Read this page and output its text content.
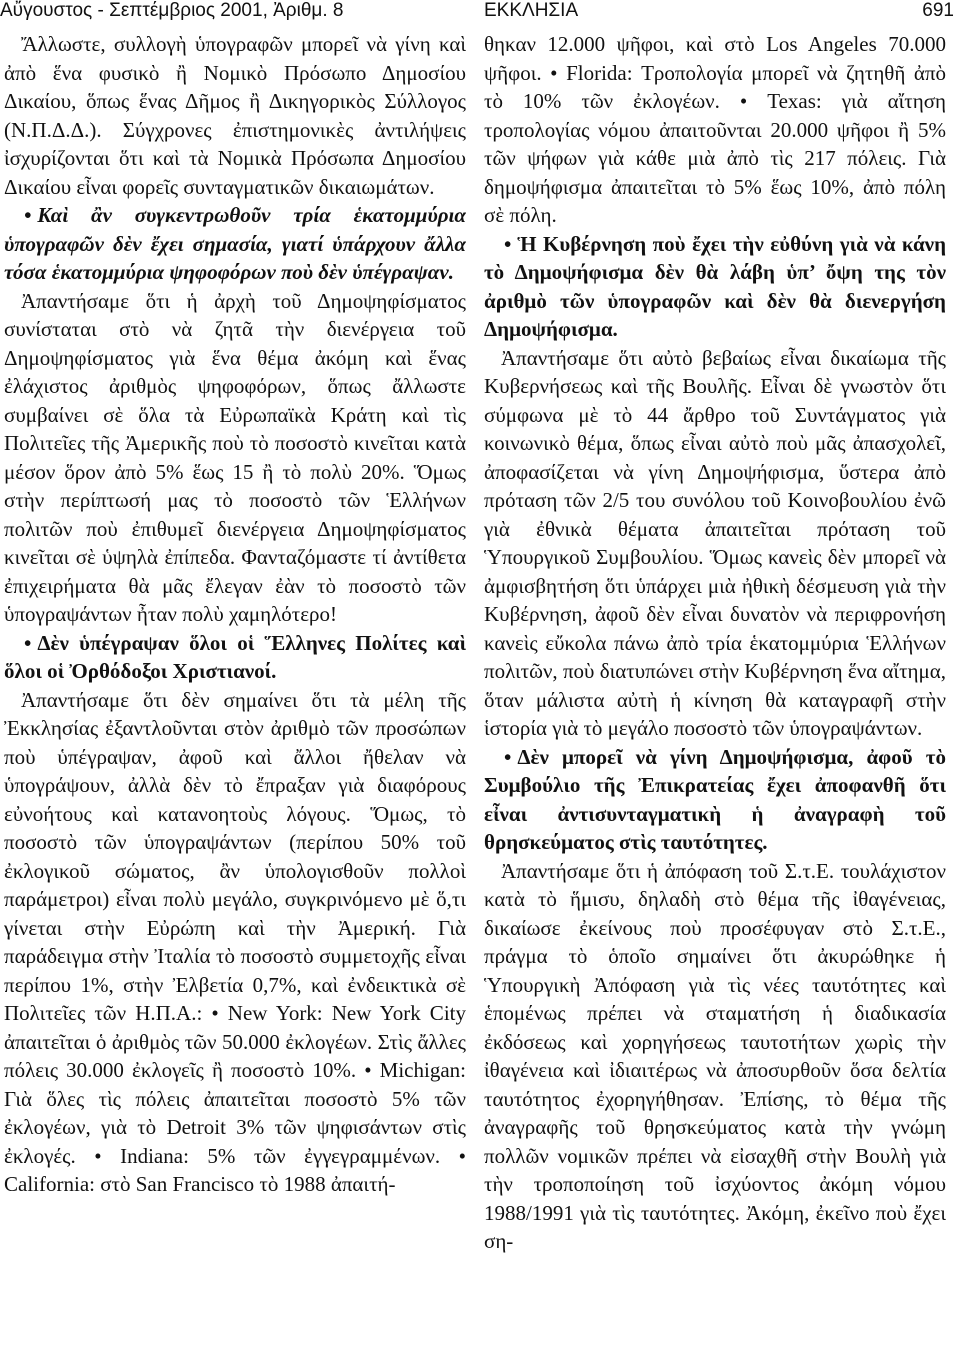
Αὔγουστος - Σεπτέμβριος 2001, Ἀριθμ. 8	ΕΚΚΛΗΣΙΑ	691

Ἄλλωστε, συλλογὴ ὑπογραφῶν μπορεῖ νὰ γίνη καὶ ἀπὸ ἕνα φυσικὸ ἢ Νομικὸ Πρόσωπο Δημοσίου Δικαίου, ὅπως ἕνας Δῆμος ἢ Δικηγορικὸς Σύλλογος (Ν.Π.Δ.Δ.). Σύγχρονες ἐπιστημονικὲς ἀντιλήψεις ἰσχυρίζονται ὅτι καὶ τὰ Νομικὰ Πρόσωπα Δημοσίου Δικαίου εἶναι φορεῖς συνταγματικῶν δικαιωμάτων.

• Καὶ ἂν συγκεντρωθοῦν τρία ἑκατομμύρια ὑπογραφῶν δὲν ἔχει σημασία, γιατί ὑπάρχουν ἄλλα τόσα ἑκατομμύρια ψηφοφόρων ποὺ δὲν ὑπέγραψαν.

Ἀπαντήσαμε ὅτι ἡ ἀρχὴ τοῦ Δημοψηφίσματος συνίσταται στὸ νὰ ζητᾶ τὴν διενέργεια τοῦ Δημοψηφίσματος γιὰ ἕνα θέμα ἀκόμη καὶ ἕνας ἐλάχιστος ἀριθμὸς ψηφοφόρων, ὅπως ἄλλωστε συμβαίνει σὲ ὅλα τὰ Εὐρωπαϊκὰ Κράτη καὶ τὶς Πολιτεῖες τῆς Ἀμερικῆς ποὺ τὸ ποσοστὸ κινεῖται κατὰ μέσον ὅρον ἀπὸ 5% ἕως 15 ἢ τὸ πολὺ 20%. Ὅμως στὴν περίπτωσή μας τὸ ποσοστὸ τῶν Ἑλλήνων πολιτῶν ποὺ ἐπιθυμεῖ διενέργεια Δημοψηφίσματος κινεῖται σὲ ὑψηλὰ ἐπίπεδα. Φανταζόμαστε τί ἀντίθετα ἐπιχειρήματα θὰ μᾶς ἔλεγαν ἐὰν τὸ ποσοστὸ τῶν ὑπογραψάντων ἦταν πολὺ χαμηλότερο!

• Δὲν ὑπέγραψαν ὅλοι οἱ Ἕλληνες Πολίτες καὶ ὅλοι οἱ Ὀρθόδοξοι Χριστιανοί.

Ἀπαντήσαμε ὅτι δὲν σημαίνει ὅτι τὰ μέλη τῆς Ἐκκλησίας ἐξαντλοῦνται στὸν ἀριθμὸ τῶν προσώπων ποὺ ὑπέγραψαν, ἀφοῦ καὶ ἄλλοι ἤθελαν νὰ ὑπογράψουν, ἀλλὰ δὲν τὸ ἔπραξαν γιὰ διαφόρους εὐνοήτους καὶ κατανοητοὺς λόγους. Ὅμως, τὸ ποσοστὸ τῶν ὑπογραψάντων (περίπου 50% τοῦ ἐκλογικοῦ σώματος, ἂν ὑπολογισθοῦν πολλοὶ παράμετροι) εἶναι πολὺ μεγάλο, συγκρινόμενο μὲ ὅ,τι γίνεται στὴν Εὐρώπη καὶ τὴν Ἀμερική. Γιὰ παράδειγμα στὴν Ἰταλία τὸ ποσοστὸ συμμετοχῆς εἶναι περίπου 1%, στὴν Ἐλβετία 0,7%, καὶ ἐνδεικτικὰ σὲ Πολιτεῖες τῶν Η.Π.Α.: • New York: New York City ἀπαιτεῖται ὁ ἀριθμὸς τῶν 50.000 ἐκλογέων. Στὶς ἄλλες πόλεις 30.000 ἐκλογεῖς ἢ ποσοστὸ 10%. • Michigan: Γιὰ ὅλες τὶς πόλεις ἀπαιτεῖται ποσοστὸ 5% τῶν ἐκλογέων, γιὰ τὸ Detroit 3% τῶν ψηφισάντων στὶς ἐκλογές. • Indiana: 5% τῶν ἐγγεγραμμένων. • California: στὸ San Francisco τὸ 1988 ἀπαιτή-

θηκαν 12.000 ψῆφοι, καὶ στὸ Los Angeles 70.000 ψῆφοι. • Florida: Τροπολογία μπορεῖ νὰ ζητηθῆ ἀπὸ τὸ 10% τῶν ἐκλογέων. • Texas: γιὰ αἴτηση τροπολογίας νόμου ἀπαιτοῦνται 20.000 ψῆφοι ἢ 5% τῶν ψήφων γιὰ κάθε μιὰ ἀπὸ τὶς 217 πόλεις. Γιὰ δημοψήφισμα ἀπαιτεῖται τὸ 5% ἕως 10%, ἀπὸ πόλη σὲ πόλη.

• Ἡ Κυβέρνηση ποὺ ἔχει τὴν εὐθύνη γιὰ νὰ κάνη τὸ Δημοψήφισμα δὲν θὰ λάβη ὑπ’ ὄψη της τὸν ἀριθμὸ τῶν ὑπογραφῶν καὶ δὲν θὰ διενεργήση Δημοψήφισμα.

Ἀπαντήσαμε ὅτι αὐτὸ βεβαίως εἶναι δικαίωμα τῆς Κυβερνήσεως καὶ τῆς Βουλῆς. Εἶναι δὲ γνωστὸν ὅτι σύμφωνα μὲ τὸ 44 ἄρθρο τοῦ Συντάγματος γιὰ κοινωνικὸ θέμα, ὅπως εἶναι αὐτὸ ποὺ μᾶς ἀπασχολεῖ, ἀποφασίζεται νὰ γίνη Δημοψήφισμα, ὕστερα ἀπὸ πρόταση τῶν 2/5 του συνόλου τοῦ Κοινοβουλίου ἐνῶ γιὰ ἐθνικὰ θέματα ἀπαιτεῖται πρόταση τοῦ Ὑπουργικοῦ Συμβουλίου. Ὅμως κανεὶς δὲν μπορεῖ νὰ ἀμφισβητήση ὅτι ὑπάρχει μιὰ ἠθικὴ δέσμευση γιὰ τὴν Κυβέρνηση, ἀφοῦ δὲν εἶναι δυνατὸν νὰ περιφρονήση κανεὶς εὔκολα πάνω ἀπὸ τρία ἑκατομμύρια Ἑλλήνων πολιτῶν, ποὺ διατυπώνει στὴν Κυβέρνηση ἕνα αἴτημα, ὅταν μάλιστα αὐτὴ ἡ κίνηση θὰ καταγραφῆ στὴν ἱστορία γιὰ τὸ μεγάλο ποσοστὸ τῶν ὑπογραψάντων.

• Δὲν μπορεῖ νὰ γίνη Δημοψήφισμα, ἀφοῦ τὸ Συμβούλιο τῆς Ἐπικρατείας ἔχει ἀποφανθῆ ὅτι εἶναι ἀντισυνταγματικὴ ἡ ἀναγραφὴ τοῦ θρησκεύματος στὶς ταυτότητες.

Ἀπαντήσαμε ὅτι ἡ ἀπόφαση τοῦ Σ.τ.Ε. τουλάχιστον κατὰ τὸ ἥμισυ, δηλαδὴ στὸ θέμα τῆς ἰθαγένειας, δικαίωσε ἐκείνους ποὺ προσέφυγαν στὸ Σ.τ.Ε., πράγμα τὸ ὁποῖο σημαίνει ὅτι ἀκυρώθηκε ἡ Ὑπουργικὴ Ἀπόφαση γιὰ τὶς νέες ταυτότητες καὶ ἑπομένως πρέπει νὰ σταματήση ἡ διαδικασία ἐκδόσεως καὶ χορηγήσεως ταυτοτήτων χωρὶς τὴν ἰθαγένεια καὶ ἰδιαιτέρως νὰ ἀποσυρθοῦν ὅσα δελτία ταυτότητος ἐχορηγήθησαν. Ἐπίσης, τὸ θέμα τῆς ἀναγραφῆς τοῦ θρησκεύματος κατὰ τὴν γνώμη πολλῶν νομικῶν πρέπει νὰ εἰσαχθῆ στὴν Βουλὴ γιὰ τὴν τροποποίηση τοῦ ἰσχύοντος ἀκόμη νόμου 1988/1991 γιὰ τὶς ταυτότητες. Ἀκόμη, ἐκεῖνο ποὺ ἔχει ση-
